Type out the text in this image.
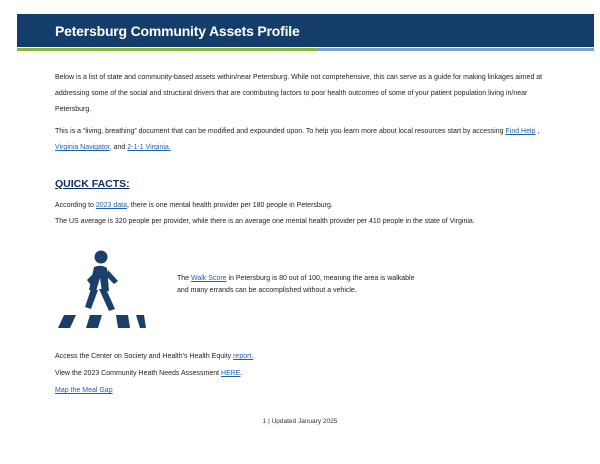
Petersburg Community Assets Profile
Below is a list of state and community-based assets within/near Petersburg. While not comprehensive, this can serve as a guide for making linkages aimed at addressing some of the social and structural drivers that are contributing factors to poor health outcomes of some of your patient population living in/near Petersburg.
This is a “living, breathing” document that can be modified and expounded upon. To help you learn more about local resources start by accessing Find Help , Virginia Navigator, and 2-1-1 Virginia.
QUICK FACTS:
According to 2023 data, there is one mental health provider per 180 people in Petersburg.
The US average is 320 people per provider, while there is an average one mental health provider per 410 people in the state of Virginia.
The Walk Score in Petersburg is 80 out of 100, meaning the area is walkable and many errands can be accomplished without a vehicle.
Access the Center on Society and Health’s Health Equity report.
View the 2023 Community Heath Needs Assessment HERE.
Map the Meal Gap
1 | Updated January 2025
